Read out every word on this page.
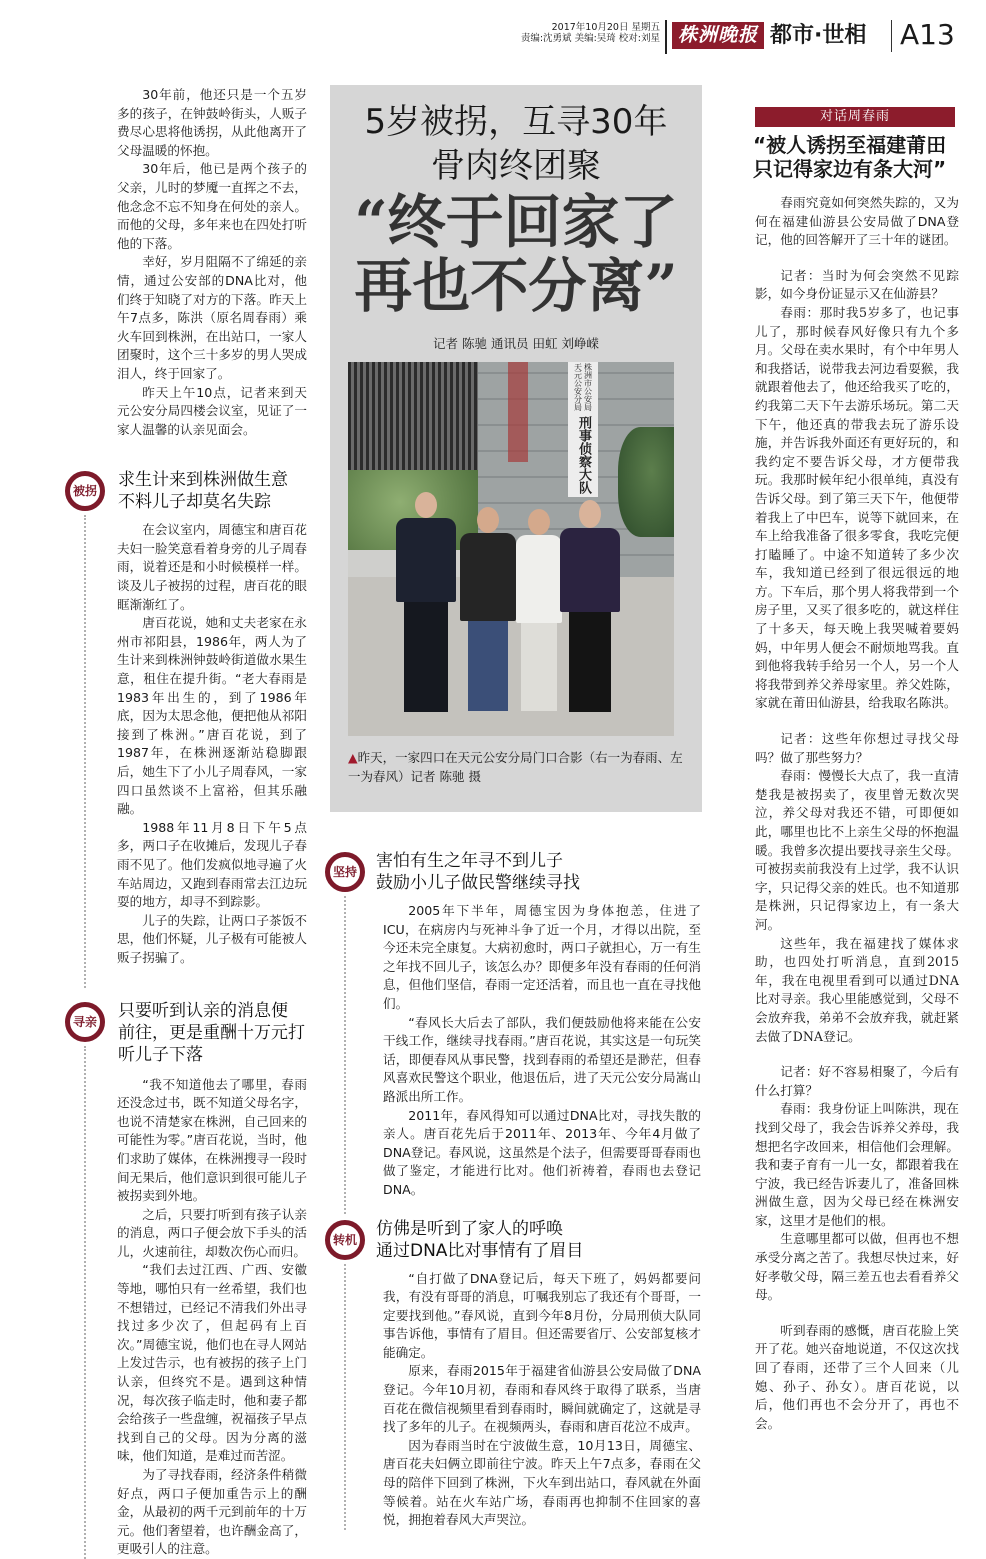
2017年10月20日 星期五
责编:沈勇斌 美编:吴琦 校对:刘星 株洲晚报 都市·世相 A13

30年前，他还只是一个五岁多的孩子，在钟鼓岭街头，人贩子费尽心思将他诱拐，从此他离开了父母温暖的怀抱。

30年后，他已是两个孩子的父亲，儿时的梦魇一直挥之不去，他念念不忘不知身在何处的亲人。而他的父母，多年来也在四处打听他的下落。

幸好，岁月阻隔不了绵延的亲情，通过公安部的DNA比对，他们终于知晓了对方的下落。昨天上午7点多，陈洪（原名周春雨）乘火车回到株洲，在出站口，一家人团聚时，这个三十多岁的男人哭成泪人，终于回家了。

昨天上午10点，记者来到天元公安分局四楼会议室，见证了一家人温馨的认亲见面会。

被拐
求生计来到株洲做生意
不料儿子却莫名失踪

在会议室内，周德宝和唐百花夫妇一脸笑意看着身旁的儿子周春雨，说着还是和小时候模样一样。谈及儿子被拐的过程，唐百花的眼眶渐渐红了。

唐百花说，她和丈夫老家在永州市祁阳县，1986年，两人为了生计来到株洲钟鼓岭街道做水果生意，租住在提升街。“老大春雨是1983年出生的，到了1986年底，因为太思念他，便把他从祁阳接到了株洲。”唐百花说，到了1987年，在株洲逐渐站稳脚跟后，她生下了小儿子周春风，一家四口虽然谈不上富裕，但其乐融融。

1988年11月8日下午5点多，两口子在收摊后，发现儿子春雨不见了。他们发疯似地寻遍了火车站周边，又跑到春雨常去江边玩耍的地方，却寻不到踪影。

儿子的失踪，让两口子茶饭不思，他们怀疑，儿子极有可能被人贩子拐骗了。

寻亲
只要听到认亲的消息便
前往，更是重酬十万元打
听儿子下落

“我不知道他去了哪里，春雨还没念过书，既不知道父母名字，也说不清楚家在株洲，自己回来的可能性为零。”唐百花说，当时，他们求助了媒体，在株洲搜寻一段时间无果后，他们意识到很可能儿子被拐卖到外地。

之后，只要打听到有孩子认亲的消息，两口子便会放下手头的活儿，火速前往，却数次伤心而归。

“我们去过江西、广西、安徽等地，哪怕只有一丝希望，我们也不想错过，已经记不清我们外出寻找过多少次了，但起码有上百次。”周德宝说，他们也在寻人网站上发过告示，也有被拐的孩子上门认亲，但终究不是。遇到这种情况，每次孩子临走时，他和妻子都会给孩子一些盘缠，祝福孩子早点找到自己的父母。因为分离的滋味，他们知道，是难过而苦涩。

为了寻找春雨，经济条件稍微好点，两口子便加重告示上的酬金，从最初的两千元到前年的十万元。他们奢望着，也许酬金高了，更吸引人的注意。

5岁被拐，互寻30年
骨肉终团聚
“终于回家了
再也不分离”
记者 陈驰 通讯员 田虹 刘峥嵘
株洲市公安局
天元公安分局
刑事侦察大队
▲昨天，一家四口在天元公安分局门口合影（右一为春雨、左一为春风）记者 陈驰 摄
坚持
害怕有生之年寻不到儿子
鼓励小儿子做民警继续寻找

2005年下半年，周德宝因为身体抱恙，住进了ICU，在病房内与死神斗争了近一个月，才得以出院，至今还未完全康复。大病初愈时，两口子就担心，万一有生之年找不回儿子，该怎么办？即便多年没有春雨的任何消息，但他们坚信，春雨一定还活着，而且也一直在寻找他们。

“春风长大后去了部队，我们便鼓励他将来能在公安干线工作，继续寻找春雨。”唐百花说，其实这是一句玩笑话，即便春风从事民警，找到春雨的希望还是渺茫，但春风喜欢民警这个职业，他退伍后，进了天元公安分局嵩山路派出所工作。

2011年，春风得知可以通过DNA比对，寻找失散的亲人。唐百花先后于2011年、2013年、今年4月做了DNA登记。春风说，这虽然是个法子，但需要哥哥春雨也做了鉴定，才能进行比对。他们祈祷着，春雨也去登记DNA。

转机
仿佛是听到了家人的呼唤
通过DNA比对事情有了眉目

“自打做了DNA登记后，每天下班了，妈妈都要问我，有没有哥哥的消息，叮嘱我别忘了我还有个哥哥，一定要找到他。”春风说，直到今年8月份，分局刑侦大队同事告诉他，事情有了眉目。但还需要省厅、公安部复核才能确定。

原来，春雨2015年于福建省仙游县公安局做了DNA登记。今年10月初，春雨和春风终于取得了联系，当唐百花在微信视频里看到春雨时，瞬间就确定了，这就是寻找了多年的儿子。在视频两头，春雨和唐百花泣不成声。

因为春雨当时在宁波做生意，10月13日，周德宝、唐百花夫妇俩立即前往宁波。昨天上午7点多，春雨在父母的陪伴下回到了株洲，下火车到出站口，春风就在外面等候着。站在火车站广场，春雨再也抑制不住回家的喜悦，拥抱着春风大声哭泣。

对话周春雨
“被人诱拐至福建莆田
只记得家边有条大河”

春雨究竟如何突然失踪的，又为何在福建仙游县公安局做了DNA登记，他的回答解开了三十年的谜团。

记者：当时为何会突然不见踪影，如今身份证显示又在仙游县？

春雨：那时我5岁多了，也记事儿了，那时候春风好像只有九个多月。父母在卖水果时，有个中年男人和我搭话，说带我去河边看耍猴，我就跟着他去了，他还给我买了吃的，约我第二天下午去游乐场玩。第二天下午，他还真的带我去玩了游乐设施，并告诉我外面还有更好玩的，和我约定不要告诉父母，才方便带我玩。我那时候年纪小很单纯，真没有告诉父母。到了第三天下午，他便带着我上了中巴车，说等下就回来，在车上给我准备了很多零食，我吃完便打瞌睡了。中途不知道转了多少次车，我知道已经到了很远很远的地方。下车后，那个男人将我带到一个房子里，又买了很多吃的，就这样住了十多天，每天晚上我哭喊着要妈妈，中年男人便会不耐烦地骂我。直到他将我转手给另一个人，另一个人将我带到养父养母家里。养父姓陈，家就在莆田仙游县，给我取名陈洪。

记者：这些年你想过寻找父母吗？做了那些努力？

春雨：慢慢长大点了，我一直清楚我是被拐卖了，夜里曾无数次哭泣，养父母对我还不错，可即便如此，哪里也比不上亲生父母的怀抱温暖。我曾多次提出要找寻亲生父母。可被拐卖前我没有上过学，我不认识字，只记得父亲的姓氏。也不知道那是株洲，只记得家边上，有一条大河。

这些年，我在福建找了媒体求助，也四处打听消息，直到2015年，我在电视里看到可以通过DNA比对寻亲。我心里能感觉到，父母不会放弃我，弟弟不会放弃我，就赶紧去做了DNA登记。

记者：好不容易相聚了，今后有什么打算？

春雨：我身份证上叫陈洪，现在找到父母了，我会告诉养父养母，我想把名字改回来，相信他们会理解。我和妻子育有一儿一女，都跟着我在宁波，我已经告诉妻儿了，准备回株洲做生意，因为父母已经在株洲安家，这里才是他们的根。

生意哪里都可以做，但再也不想承受分离之苦了。我想尽快过来，好好孝敬父母，隔三差五也去看看养父母。

听到春雨的感慨，唐百花脸上笑开了花。她兴奋地说道，不仅这次找回了春雨，还带了三个人回来（儿媳、孙子、孙女）。唐百花说，以后，他们再也不会分开了，再也不会。
